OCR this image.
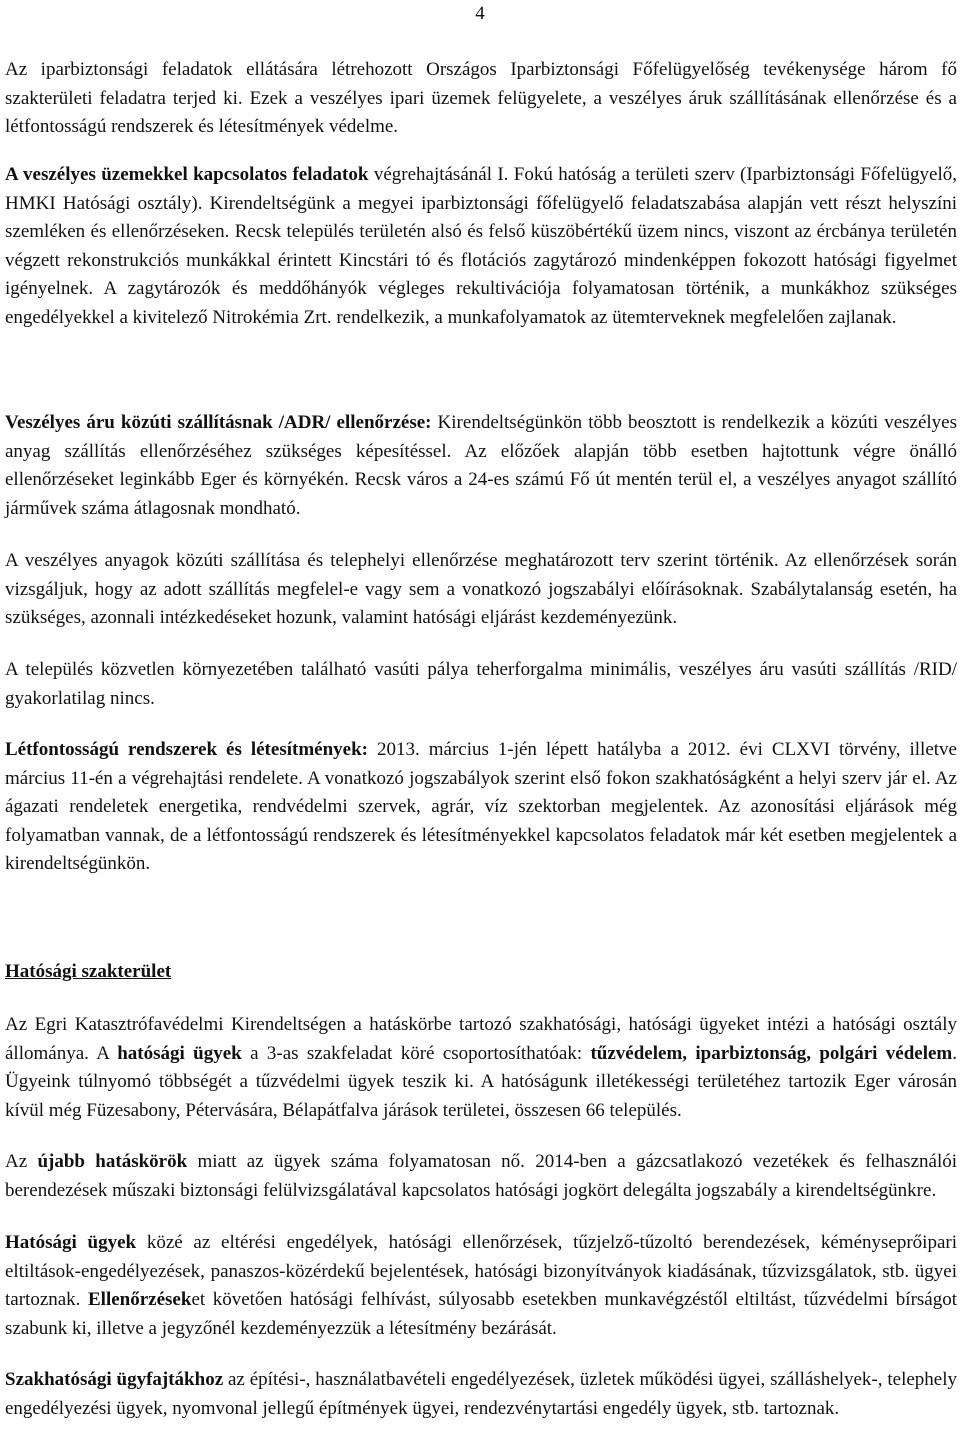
4

Az iparbiztonsági feladatok ellátására létrehozott Országos Iparbiztonsági Főfelügyelőség tevékenysége három fő szakterületi feladatra terjed ki. Ezek a veszélyes ipari üzemek felügyelete, a veszélyes áruk szállításának ellenőrzése és a létfontosságú rendszerek és létesítmények védelme.

A veszélyes üzemekkel kapcsolatos feladatok végrehajtásánál I. Fokú hatóság a területi szerv (Iparbiztonsági Főfelügyelő, HMKI Hatósági osztály). Kirendeltségünk a megyei iparbiztonsági főfelügyelő feladatszabása alapján vett részt helyszíni szemléken és ellenőrzéseken. Recsk település területén alsó és felső küszöbértékű üzem nincs, viszont az ércbánya területén végzett rekonstrukciós munkákkal érintett Kincstári tó és flotációs zagytározó mindenképpen fokozott hatósági figyelmet igényelnek. A zagytározók és meddőhányók végleges rekultivációja folyamatosan történik, a munkákhoz szükséges engedélyekkel a kivitelező Nitrokémia Zrt. rendelkezik, a munkafolyamatok az ütemterveknek megfelelően zajlanak.

Veszélyes áru közúti szállításnak /ADR/ ellenőrzése: Kirendeltségünkön több beosztott is rendelkezik a közúti veszélyes anyag szállítás ellenőrzéséhez szükséges képesítéssel. Az előzőek alapján több esetben hajtottunk végre önálló ellenőrzéseket leginkább Eger és környékén. Recsk város a 24-es számú Fő út mentén terül el, a veszélyes anyagot szállító járművek száma átlagosnak mondható.

A veszélyes anyagok közúti szállítása és telephelyi ellenőrzése meghatározott terv szerint történik. Az ellenőrzések során vizsgáljuk, hogy az adott szállítás megfelel-e vagy sem a vonatkozó jogszabályi előírásoknak. Szabálytalanság esetén, ha szükséges, azonnali intézkedéseket hozunk, valamint hatósági eljárást kezdeményezünk.

A település közvetlen környezetében található vasúti pálya teherforgalma minimális, veszélyes áru vasúti szállítás /RID/ gyakorlatilag nincs.

Létfontosságú rendszerek és létesítmények: 2013. március 1-jén lépett hatályba a 2012. évi CLXVI törvény, illetve március 11-én a végrehajtási rendelete. A vonatkozó jogszabályok szerint első fokon szakhatóságként a helyi szerv jár el. Az ágazati rendeletek energetika, rendvédelmi szervek, agrár, víz szektorban megjelentek. Az azonosítási eljárások még folyamatban vannak, de a létfontosságú rendszerek és létesítményekkel kapcsolatos feladatok már két esetben megjelentek a kirendeltségünkön.

Hatósági szakterület

Az Egri Katasztrófavédelmi Kirendeltségen a hatáskörbe tartozó szakhatósági, hatósági ügyeket intézi a hatósági osztály állománya. A hatósági ügyek a 3-as szakfeladat köré csoportosíthatóak: tűzvédelem, iparbiztonság, polgári védelem. Ügyeink túlnyomó többségét a tűzvédelmi ügyek teszik ki. A hatóságunk illetékességi területéhez tartozik Eger városán kívül még Füzesabony, Pétervására, Bélapátfalva járások területei, összesen 66 település.

Az újabb hatáskörök miatt az ügyek száma folyamatosan nő. 2014-ben a gázcsatlakozó vezetékek és felhasználói berendezések műszaki biztonsági felülvizsgálatával kapcsolatos hatósági jogkört delegálta jogszabály a kirendeltségünkre.

Hatósági ügyek közé az eltérési engedélyek, hatósági ellenőrzések, tűzjelző-tűzoltó berendezések, kéményseprőipari eltiltások-engedélyezések, panaszos-közérdekű bejelentések, hatósági bizonyítványok kiadásának, tűzvizsgálatok, stb. ügyei tartoznak. Ellenőrzéseket követően hatósági felhívást, súlyosabb esetekben munkavégzéstől eltiltást, tűzvédelmi bírságot szabunk ki, illetve a jegyzőnél kezdeményezzük a létesítmény bezárását.

Szakhatósági ügyfajtákhoz az építési-, használatbavételi engedélyezések, üzletek működési ügyei, szálláshelyek-, telephely engedélyezési ügyek, nyomvonal jellegű építmények ügyei, rendezvénytartási engedély ügyek, stb. tartoznak.
